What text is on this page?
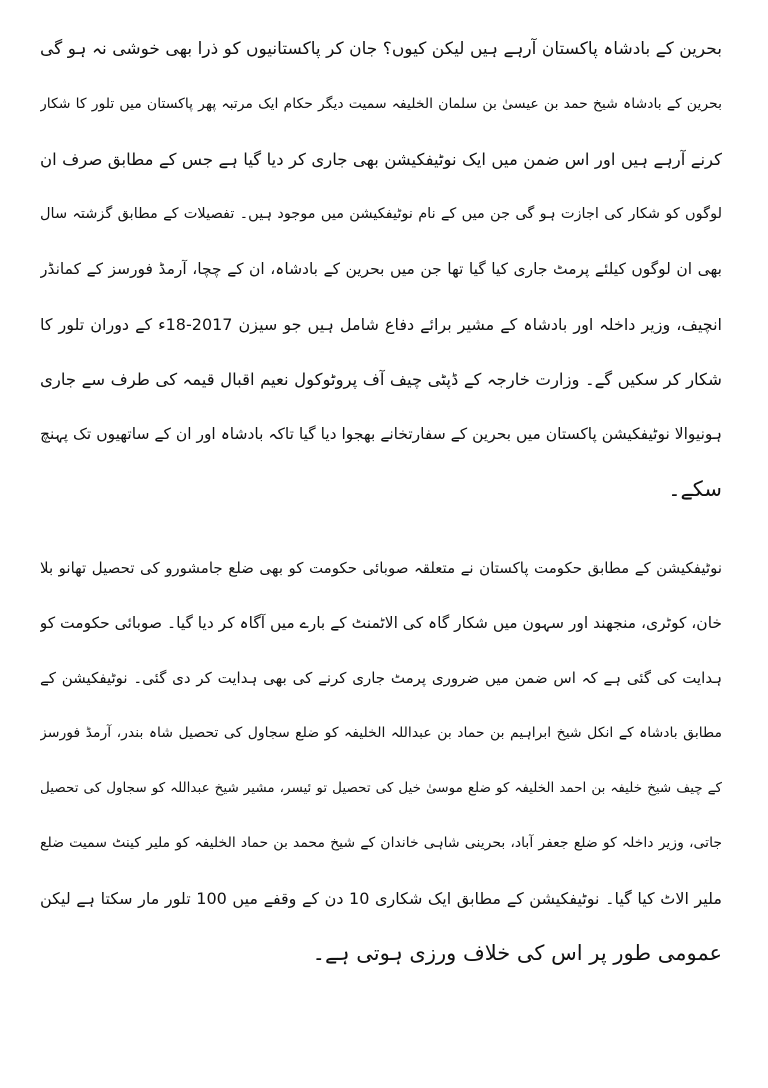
بحرین کے بادشاہ پاکستان آرہے ہیں لیکن کیوں؟ جان کر پاکستانیوں کو ذرا بھی خوشی نہ ہو گی
بحرین کے بادشاہ شیخ حمد بن عیسیٰ بن سلمان الخلیفہ سمیت دیگر حکام ایک مرتبہ پھر پاکستان میں تلور کا شکار
کرنے آرہے ہیں اور اس ضمن میں ایک نوٹیفکیشن بھی جاری کر دیا گیا ہے جس کے مطابق صرف ان
لوگوں کو شکار کی اجازت ہو گی جن میں کے نام نوٹیفکیشن میں موجود ہیں۔ تفصیلات کے مطابق گزشتہ سال
بھی ان لوگوں کیلئے پرمٹ جاری کیا گیا تھا جن میں بحرین کے بادشاہ، ان کے چچا، آرمڈ فورسز کے کمانڈر
انچیف، وزیر داخلہ اور بادشاہ کے مشیر برائے دفاع شامل ہیں جو سیزن 2017-18ء کے دوران تلور کا
شکار کر سکیں گے۔ وزارت خارجہ کے ڈپٹی چیف آف پروٹوکول نعیم اقبال قیمہ کی طرف سے جاری
ہونیوالا نوٹیفکیشن پاکستان میں بحرین کے سفارتخانے بھجوا دیا گیا تاکہ بادشاہ اور ان کے ساتھیوں تک پہنچ
سکے۔
نوٹیفکیشن کے مطابق حکومت پاکستان نے متعلقہ صوبائی حکومت کو بھی ضلع جامشورو کی تحصیل تھانو بلا
خان، کوٹری، منجھند اور سہون میں شکار گاہ کی الاٹمنٹ کے بارے میں آگاہ کر دیا گیا۔ صوبائی حکومت کو
ہدایت کی گئی ہے کہ اس ضمن میں ضروری پرمٹ جاری کرنے کی بھی ہدایت کر دی گئی۔ نوٹیفکیشن کے
مطابق بادشاہ کے انکل شیخ ابراہیم بن حماد بن عبداللہ الخلیفہ کو ضلع سجاول کی تحصیل شاہ بندر، آرمڈ فورسز
کے چیف شیخ خلیفہ بن احمد الخلیفہ کو ضلع موسیٰ خیل کی تحصیل تو ئیسر، مشیر شیخ عبداللہ کو سجاول کی تحصیل
جاتی، وزیر داخلہ کو ضلع جعفر آباد، بحرینی شاہی خاندان کے شیخ محمد بن حماد الخلیفہ کو ملیر کینٹ سمیت ضلع
ملیر الاٹ کیا گیا۔ نوٹیفکیشن کے مطابق ایک شکاری 10 دن کے وقفے میں 100 تلور مار سکتا ہے لیکن
عمومی طور پر اس کی خلاف ورزی ہوتی ہے۔
